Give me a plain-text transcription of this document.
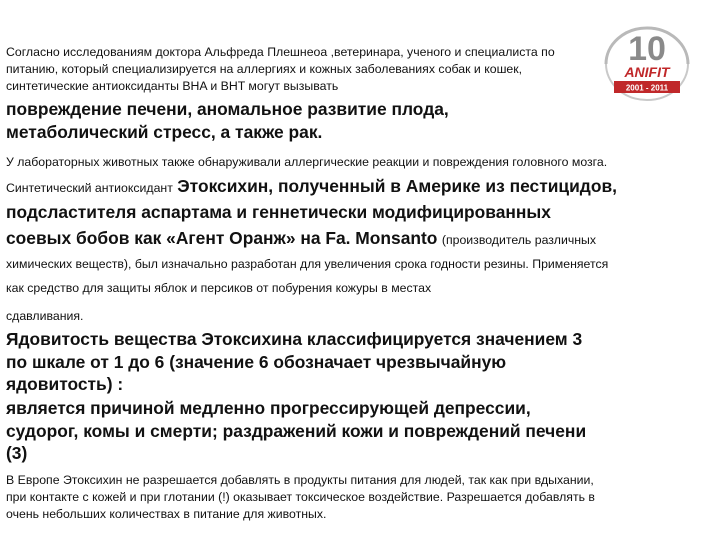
10
ANIFIT
2001 - 2011

Согласно исследованиям доктора Альфреда Плешнеоа ,ветеринара, ученого и специалиста по питанию, который специализируется на аллергиях и кожных заболеваниях собак и кошек, синтетические антиоксиданты BHA и BHT могут вызывать

повреждение печени, аномальное развитие плода, метаболический стресс, а также рак.

У лабораторных животных также обнаруживали аллергические реакции и повреждения головного мозга. Синтетический антиоксидант Этоксихин, полученный в Америке из пестицидов, подсластителя аспартама и геннетически модифицированных соевых бобов как «Агент Оранж» на Fa. Monsanto (производитель различных химических веществ), был изначально разработан для увеличения срока годности резины. Применяется как средство для защиты яблок и персиков от побурения кожуры в местах

сдавливания.

Ядовитость вещества Этоксихина классифицируется значением 3 по шкале от 1 до 6 (значение 6 обозначает чрезвычайную ядовитость) :

является причиной медленно прогрессирующей депрессии, судорог, комы и смерти; раздражений кожи и повреждений печени (3)

В Европе Этоксихин не разрешается добавлять в продукты питания для людей, так как при вдыхании, при контакте с кожей и при глотании (!) оказывает токсическое воздействие. Разрешается добавлять в очень небольших количествах в питание для животных.
